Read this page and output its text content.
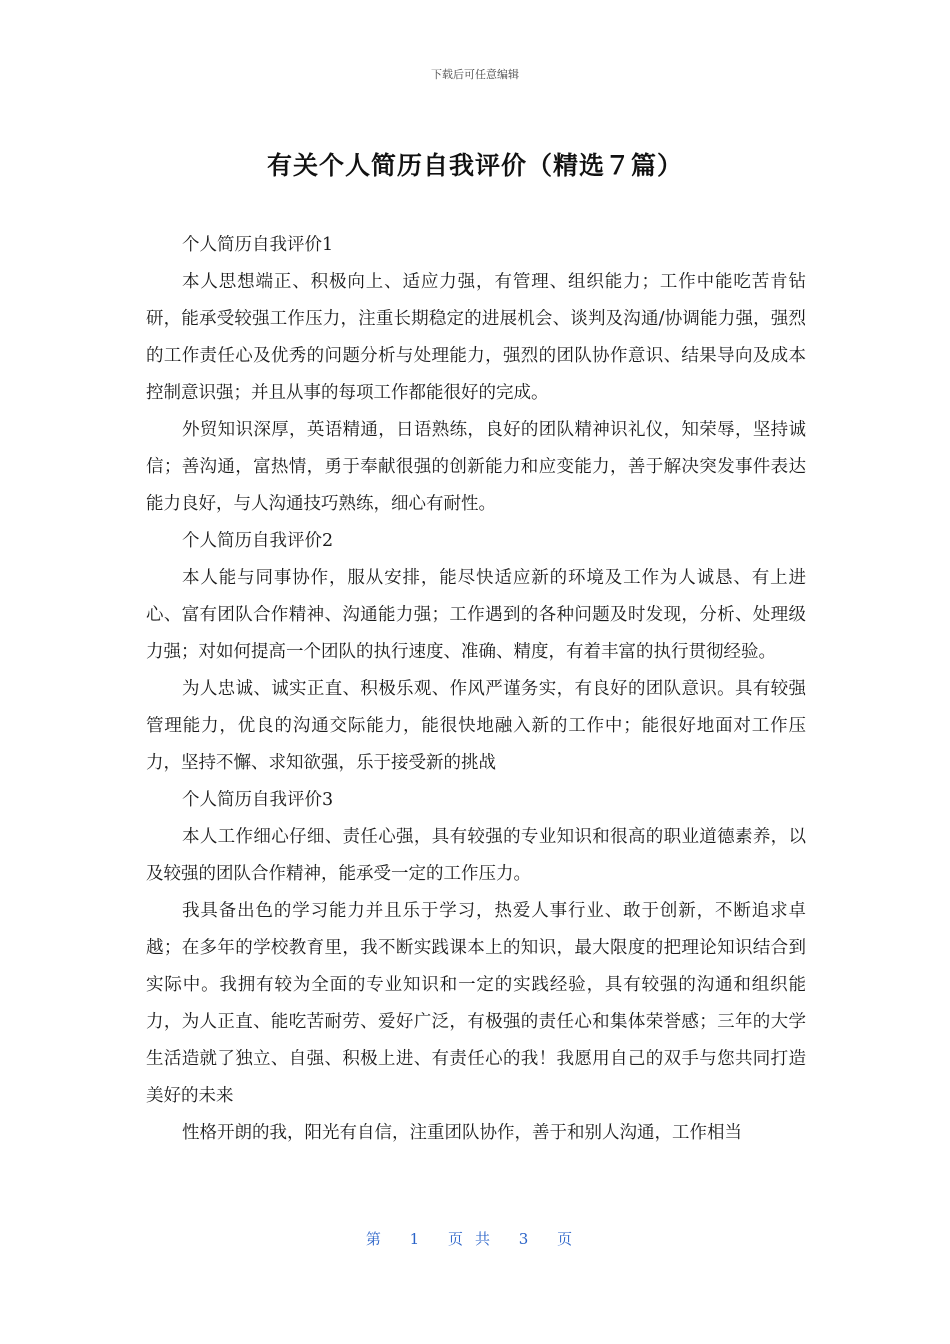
下载后可任意编辑
有关个人简历自我评价（精选７篇）

个人简历自我评价1

本人思想端正、积极向上、适应力强，有管理、组织能力；工作中能吃苦肯钻研，能承受较强工作压力，注重长期稳定的进展机会、谈判及沟通/协调能力强，强烈的工作责任心及优秀的问题分析与处理能力，强烈的团队协作意识、结果导向及成本控制意识强；并且从事的每项工作都能很好的完成。

外贸知识深厚，英语精通，日语熟练，良好的团队精神识礼仪，知荣辱，坚持诚信；善沟通，富热情，勇于奉献很强的创新能力和应变能力，善于解决突发事件表达能力良好，与人沟通技巧熟练，细心有耐性。

个人简历自我评价2

本人能与同事协作，服从安排，能尽快适应新的环境及工作为人诚恳、有上进心、富有团队合作精神、沟通能力强；工作遇到的各种问题及时发现，分析、处理级力强；对如何提高一个团队的执行速度、准确、精度，有着丰富的执行贯彻经验。

为人忠诚、诚实正直、积极乐观、作风严谨务实，有良好的团队意识。具有较强管理能力，优良的沟通交际能力，能很快地融入新的工作中；能很好地面对工作压力，坚持不懈、求知欲强，乐于接受新的挑战

个人简历自我评价3

本人工作细心仔细、责任心强，具有较强的专业知识和很高的职业道德素养，以及较强的团队合作精神，能承受一定的工作压力。

我具备出色的学习能力并且乐于学习，热爱人事行业、敢于创新，不断追求卓越；在多年的学校教育里，我不断实践课本上的知识，最大限度的把理论知识结合到实际中。我拥有较为全面的专业知识和一定的实践经验，具有较强的沟通和组织能力，为人正直、能吃苦耐劳、爱好广泛，有极强的责任心和集体荣誉感；三年的大学生活造就了独立、自强、积极上进、有责任心的我！我愿用自己的双手与您共同打造美好的未来

性格开朗的我，阳光有自信，注重团队协作，善于和别人沟通，工作相当

第 1 页共 3 页
